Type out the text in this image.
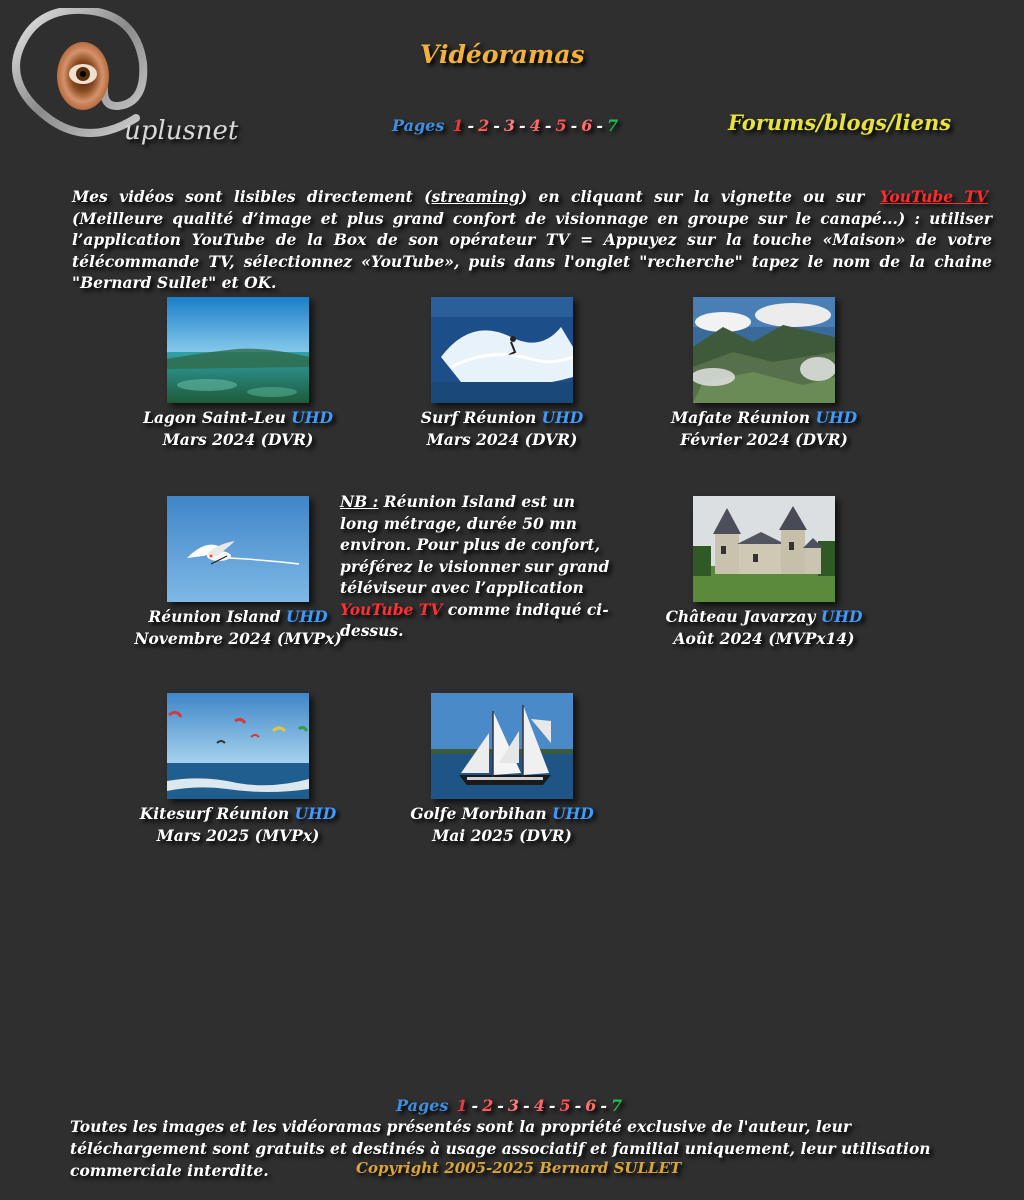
uplusnet
Vidéoramas
Pages 1 - 2 - 3 - 4 - 5 - 6 - 7	Forums/blogs/liens
Mes vidéos sont lisibles directement (streaming) en cliquant sur la vignette ou sur YouTube TV (Meilleure qualité d’image et plus grand confort de visionnage en groupe sur le canapé...) : utiliser l’application YouTube de la Box de son opérateur TV = Appuyez sur la touche «Maison» de votre télécommande TV, sélectionnez «YouTube», puis dans l'onglet "recherche" tapez le nom de la chaine "Bernard Sullet" et OK.
Lagon Saint-Leu UHD
Mars 2024 (DVR)
Surf Réunion UHD
Mars 2024 (DVR)
Mafate Réunion UHD
Février 2024 (DVR)
Réunion Island UHD
Novembre 2024 (MVPx)
NB : Réunion Island est un long métrage, durée 50 mn environ. Pour plus de confort, préférez le visionner sur grand téléviseur avec l’application YouTube TV comme indiqué ci-dessus.
Château Javarzay UHD
Août 2024 (MVPx14)
Kitesurf Réunion UHD
Mars 2025 (MVPx)
Golfe Morbihan UHD
Mai 2025 (DVR)
Pages 1 - 2 - 3 - 4 - 5 - 6 - 7
Toutes les images et les vidéoramas présentés sont la propriété exclusive de l'auteur, leur téléchargement sont gratuits et destinés à usage associatif et familial uniquement, leur utilisation commerciale interdite.	Copyright 2005-2025 Bernard SULLET
